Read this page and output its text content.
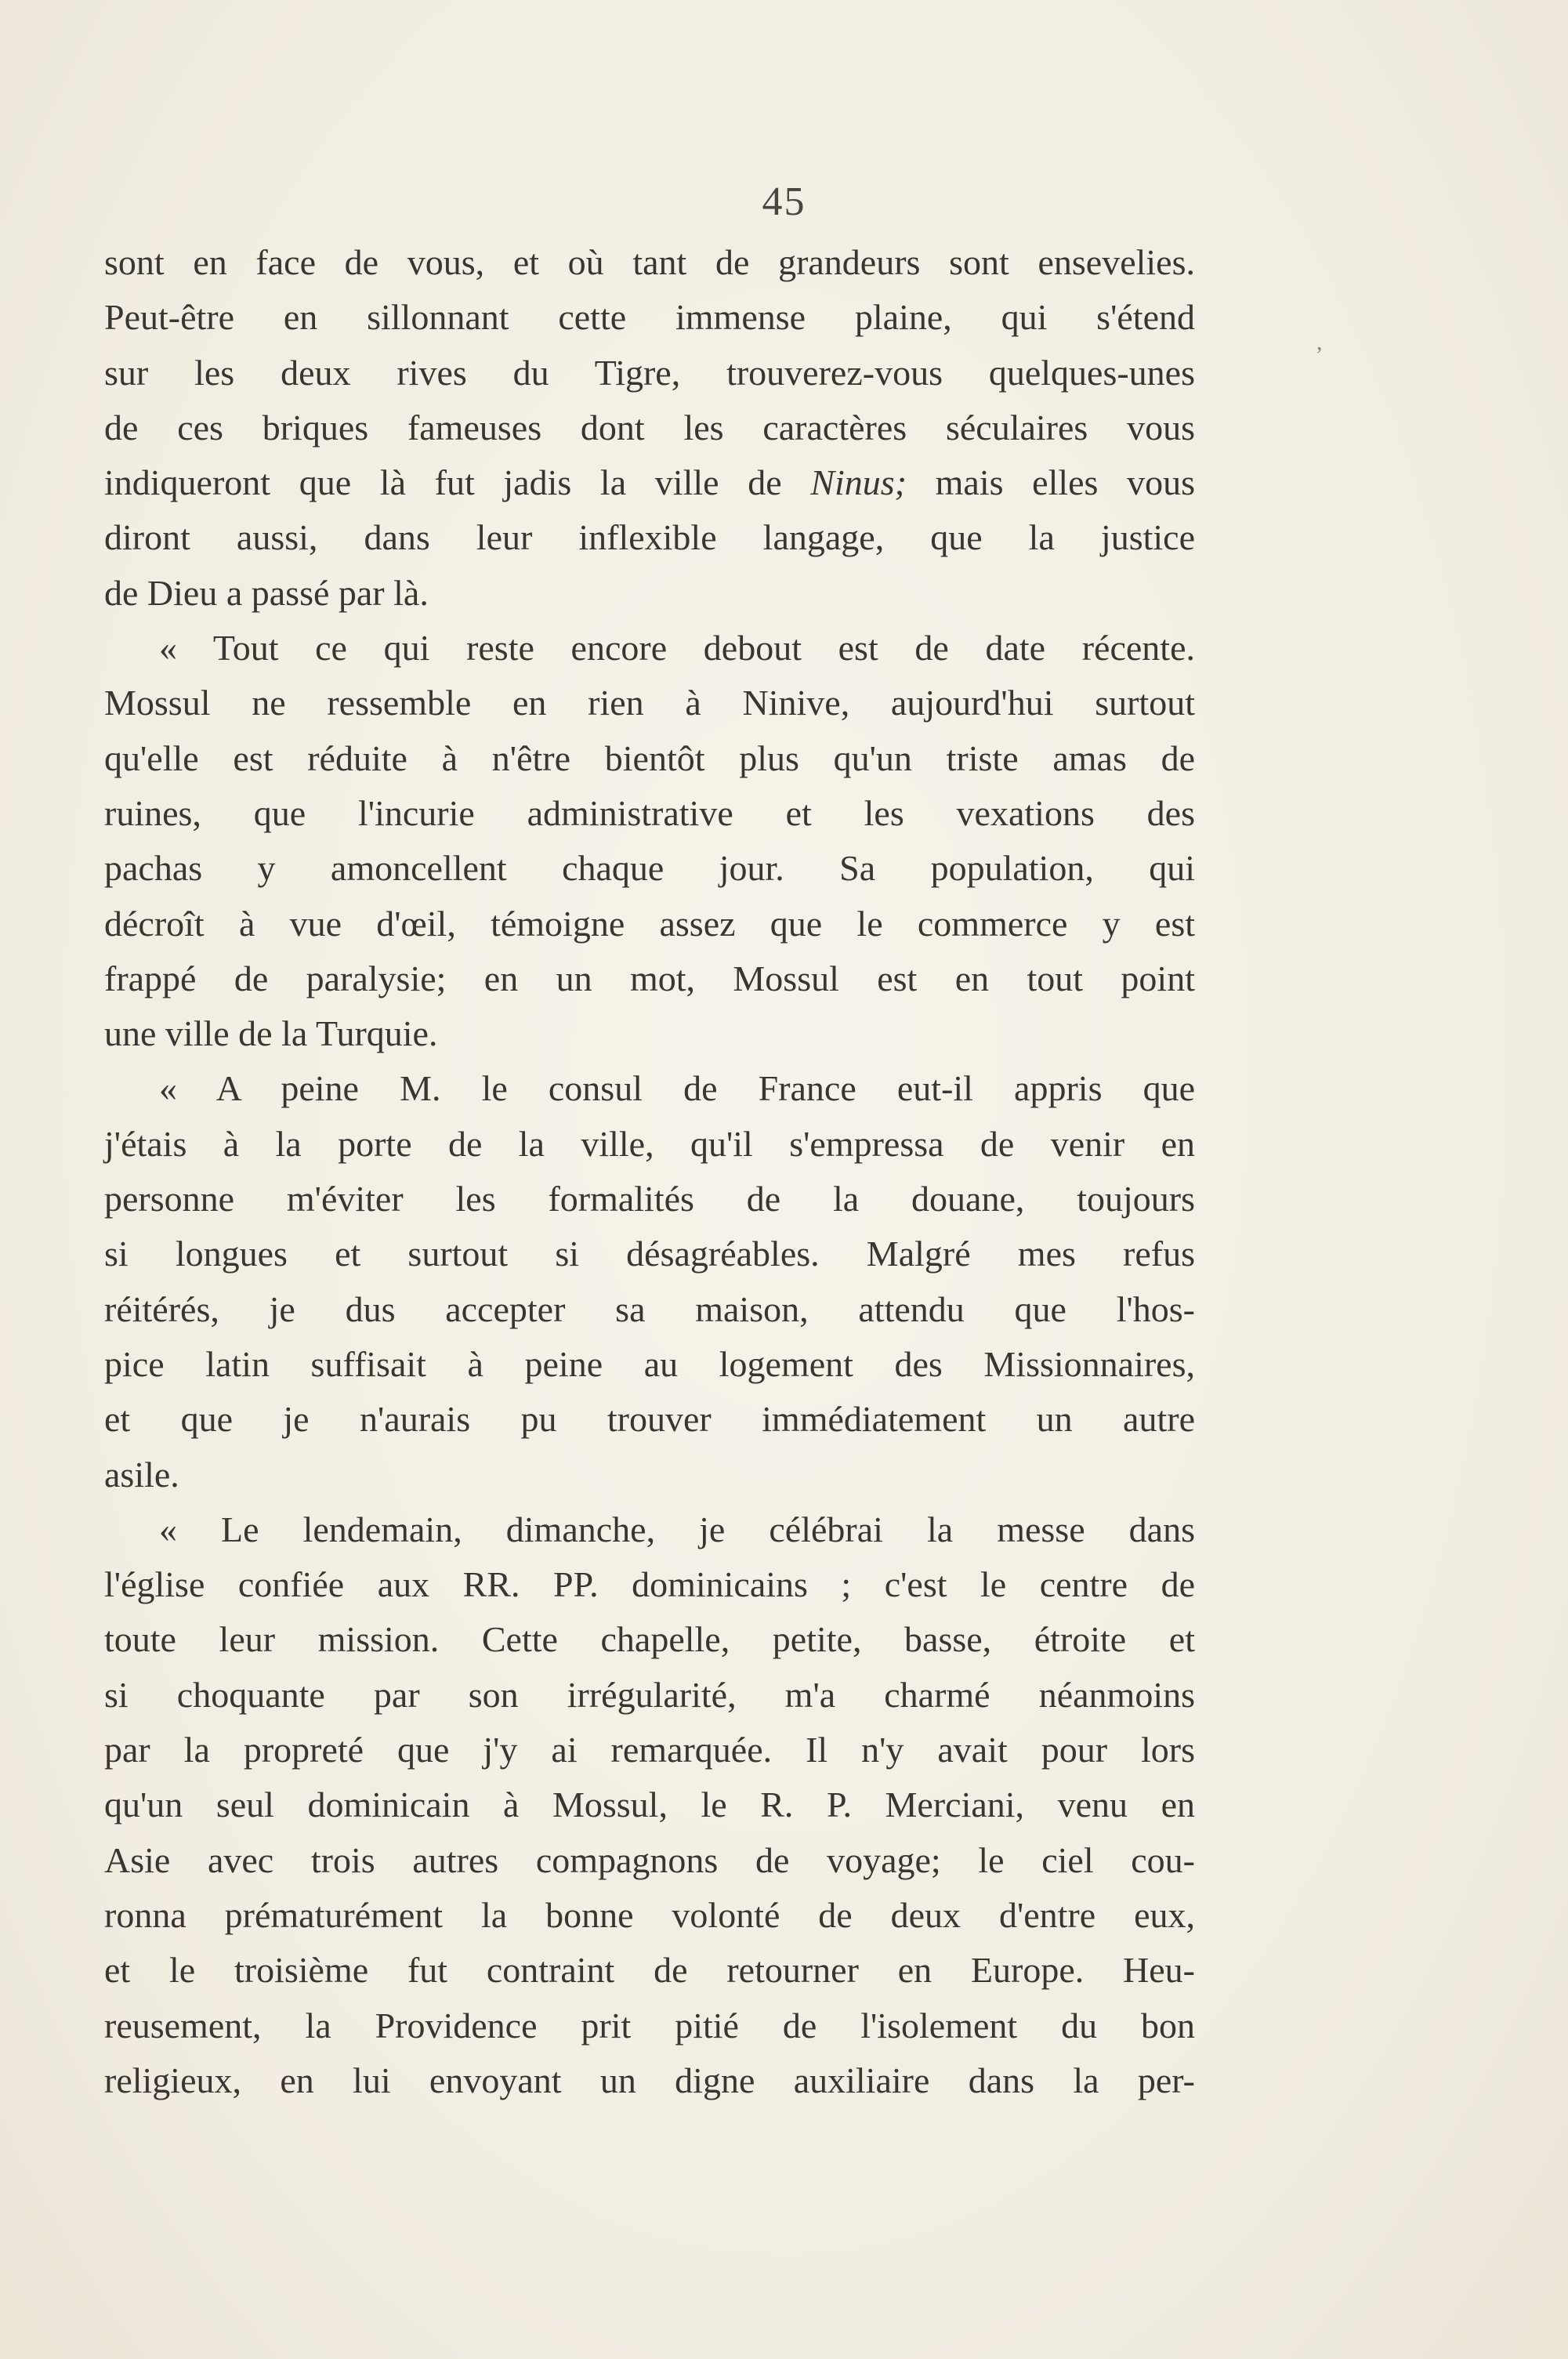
45
,
sont en face de vous, et où tant de grandeurs sont ensevelies.
Peut-être en sillonnant cette immense plaine, qui s'étend
sur les deux rives du Tigre, trouverez-vous quelques-unes
de ces briques fameuses dont les caractères séculaires vous
indiqueront que là fut jadis la ville de Ninus; mais elles vous
diront aussi, dans leur inflexible langage, que la justice
de Dieu a passé par là.
« Tout ce qui reste encore debout est de date récente.
Mossul ne ressemble en rien à Ninive, aujourd'hui surtout
qu'elle est réduite à n'être bientôt plus qu'un triste amas de
ruines, que l'incurie administrative et les vexations des
pachas y amoncellent chaque jour. Sa population, qui
décroît à vue d'œil, témoigne assez que le commerce y est
frappé de paralysie; en un mot, Mossul est en tout point
une ville de la Turquie.
« A peine M. le consul de France eut-il appris que
j'étais à la porte de la ville, qu'il s'empressa de venir en
personne m'éviter les formalités de la douane, toujours
si longues et surtout si désagréables. Malgré mes refus
réitérés, je dus accepter sa maison, attendu que l'hos-
pice latin suffisait à peine au logement des Missionnaires,
et que je n'aurais pu trouver immédiatement un autre
asile.
« Le lendemain, dimanche, je célébrai la messe dans
l'église confiée aux RR. PP. dominicains ; c'est le centre de
toute leur mission. Cette chapelle, petite, basse, étroite et
si choquante par son irrégularité, m'a charmé néanmoins
par la propreté que j'y ai remarquée. Il n'y avait pour lors
qu'un seul dominicain à Mossul, le R. P. Merciani, venu en
Asie avec trois autres compagnons de voyage; le ciel cou-
ronna prématurément la bonne volonté de deux d'entre eux,
et le troisième fut contraint de retourner en Europe. Heu-
reusement, la Providence prit pitié de l'isolement du bon
religieux, en lui envoyant un digne auxiliaire dans la per-
